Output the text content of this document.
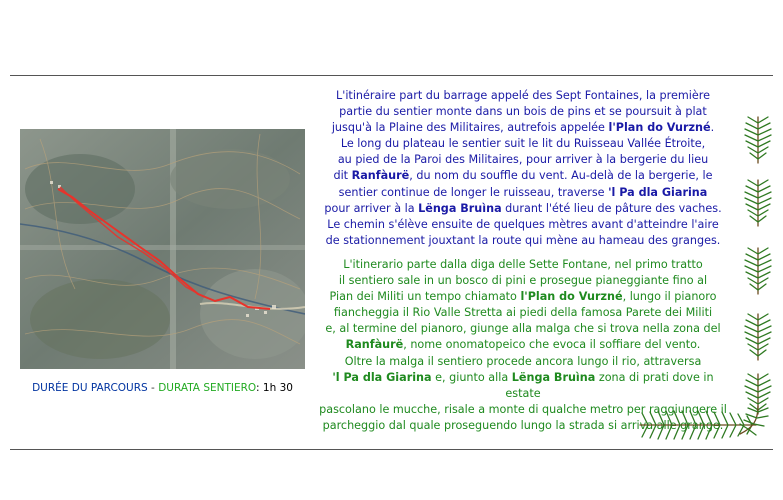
DURÉE DU PARCOURS - DURATA SENTIERO: 1h 30

L'itinéraire part du barrage appelé des Sept Fontaines, la première
partie du sentier monte dans un bois de pins et se poursuit à plat
jusqu'à la Plaine des Militaires, autrefois appelée l'Plan do Vurzné.

Le long du plateau le sentier suit le lit du Ruisseau Vallée Étroite,
au pied de la Paroi des Militaires, pour arriver à la bergerie du lieu
dit Ranfàurë, du nom du souffle du vent. Au-delà de la bergerie, le
sentier continue de longer le ruisseau, traverse 'l Pa dla Giarina
pour arriver à la Lënga Bruìna durant l'été lieu de pâture des vaches.
Le chemin s'élève ensuite de quelques mètres avant d'atteindre l'aire
de stationnement jouxtant la route qui mène au hameau des granges.

L'itinerario parte dalla diga delle Sette Fontane, nel primo tratto
il sentiero sale in un bosco di pini e prosegue pianeggiante fino al
Pian dei Militi un tempo chiamato l'Plan do Vurzné, lungo il pianoro
fiancheggia il Rio Valle Stretta ai piedi della famosa Parete dei Militi
e, al termine del pianoro, giunge alla malga che si trova nella zona del
Ranfàurë, nome onomatopeico che evoca il soffiare del vento.
Oltre la malga il sentiero procede ancora lungo il rio, attraversa
'l Pa dla Giarina e, giunto alla Lënga Bruìna zona di prati dove in estate
pascolano le mucche, risale a monte di qualche metro per raggiungere il
parcheggio dal quale proseguendo lungo la strada si arriva alle grange.
